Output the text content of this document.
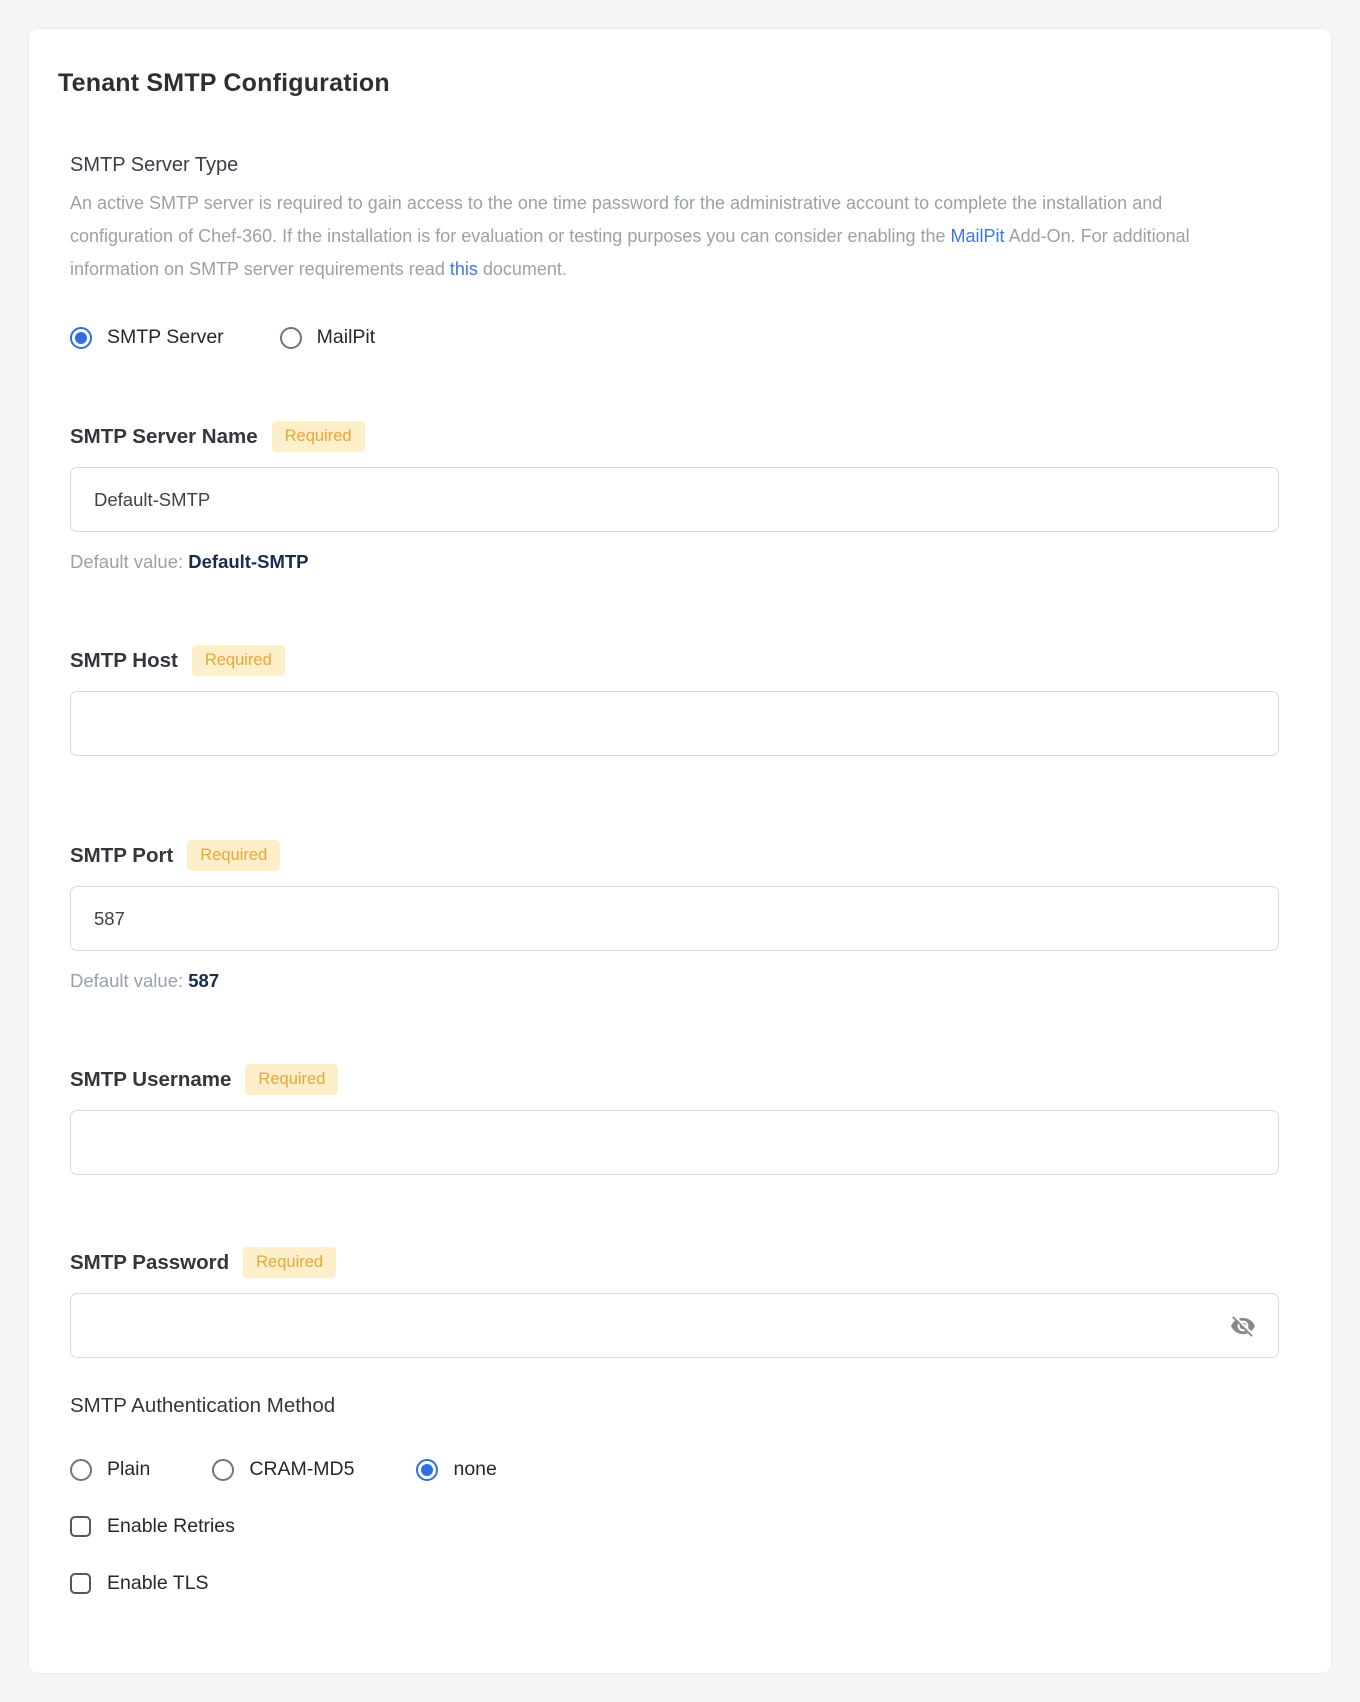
Tenant SMTP Configuration
SMTP Server Type

An active SMTP server is required to gain access to the one time password for the administrative account to complete the installation and configuration of Chef-360. If the installation is for evaluation or testing purposes you can consider enabling the MailPit Add-On. For additional information on SMTP server requirements read this document.

SMTP Server	MailPit
SMTP Server Name	Required
Default-SMTP
Default value: Default-SMTP
SMTP Host	Required
SMTP Port	Required
587
Default value: 587
SMTP Username	Required
SMTP Password	Required
SMTP Authentication Method
Plain	CRAM-MD5	none
Enable Retries
Enable TLS
